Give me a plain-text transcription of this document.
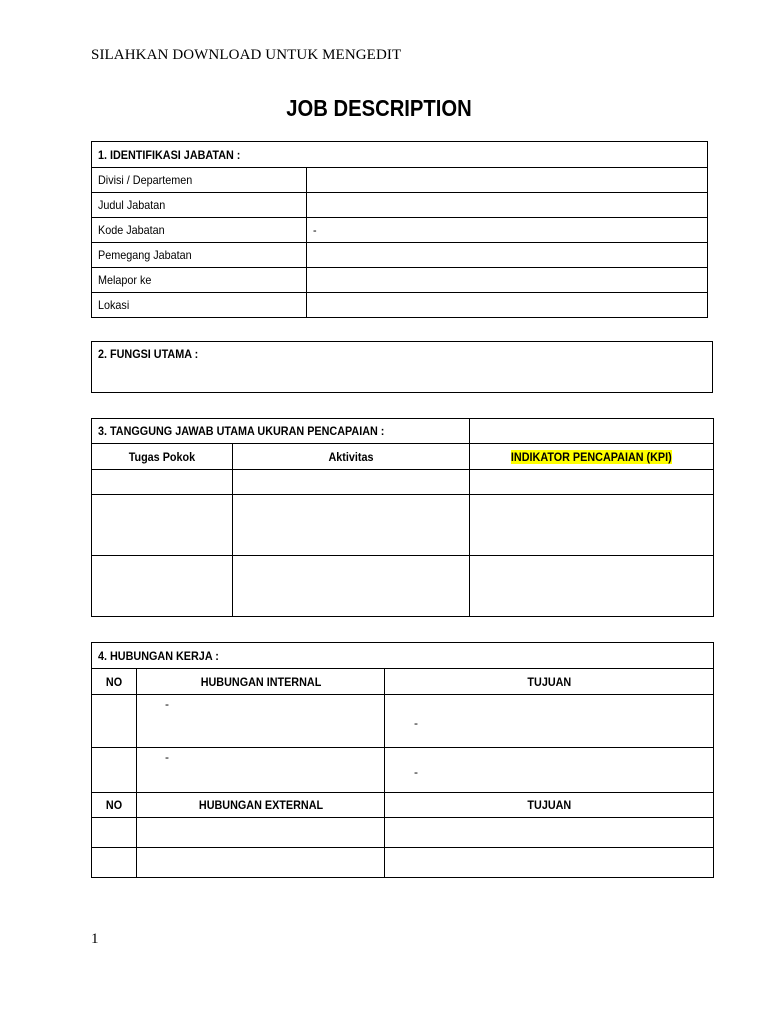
SILAHKAN DOWNLOAD UNTUK MENGEDIT
JOB DESCRIPTION
1. IDENTIFIKASI JABATAN :	
Divisi / Departemen	
Judul Jabatan	
Kode Jabatan	-
Pemegang Jabatan	
Melapor ke	
Lokasi	
2. FUNGSI UTAMA :
3. TANGGUNG JAWAB UTAMA UKURAN PENCAPAIAN :		
Tugas Pokok	Aktivitas	INDIKATOR PENCAPAIAN (KPI)

4. HUBUNGAN KERJA :		
NO	HUBUNGAN INTERNAL	TUJUAN
	-	-
	-	-
NO	HUBUNGAN EXTERNAL	TUJUAN

1
